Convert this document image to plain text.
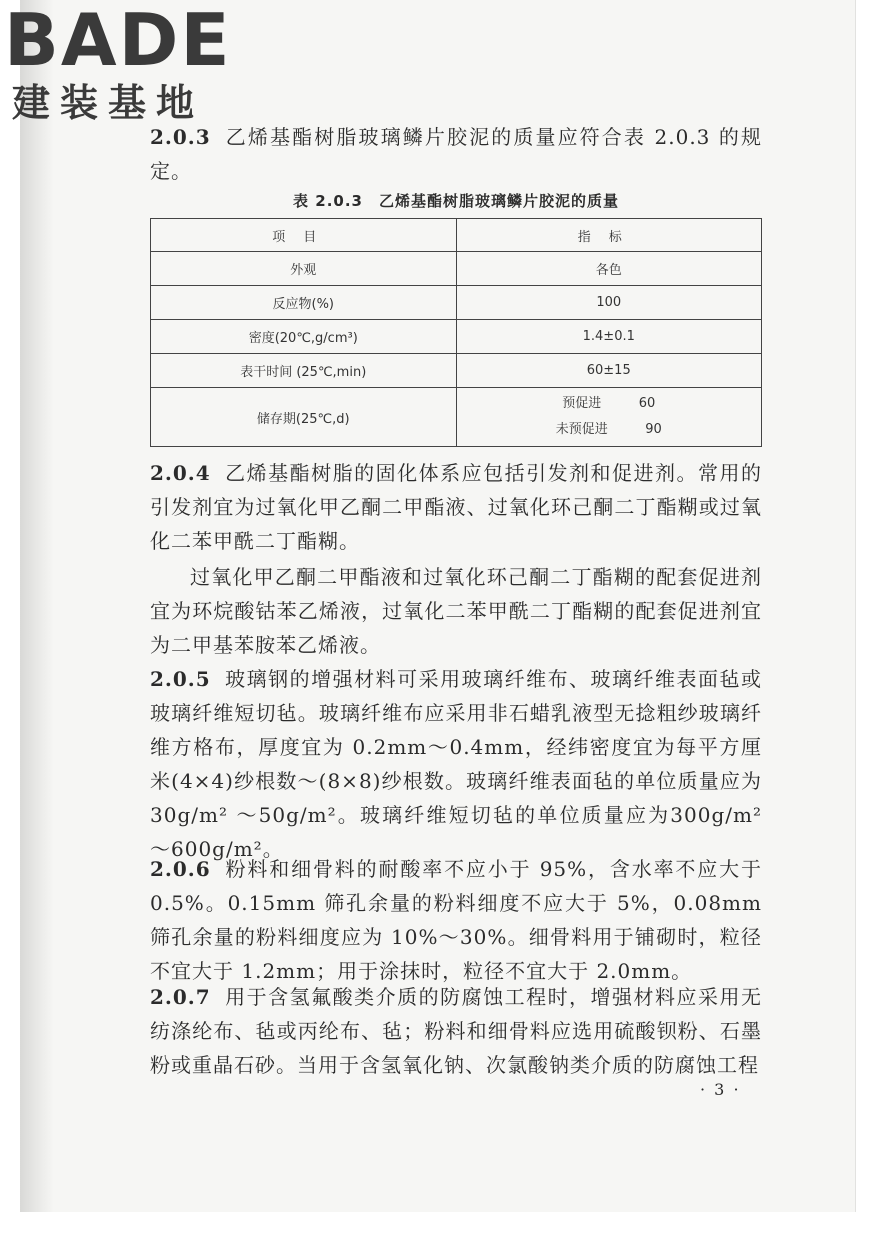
BADE
建装基地

2.0.3 乙烯基酯树脂玻璃鳞片胶泥的质量应符合表 2.0.3 的规定。

表 2.0.3　乙烯基酯树脂玻璃鳞片胶泥的质量
项目	指标
外观	各色
反应物(%)	100
密度(20℃,g/cm³)	1.4±0.1
表干时间 (25℃,min)	60±15
储存期(25℃,d)	预促进 60
未预促进 90

2.0.4 乙烯基酯树脂的固化体系应包括引发剂和促进剂。常用的引发剂宜为过氧化甲乙酮二甲酯液、过氧化环己酮二丁酯糊或过氧化二苯甲酰二丁酯糊。

过氧化甲乙酮二甲酯液和过氧化环己酮二丁酯糊的配套促进剂宜为环烷酸钴苯乙烯液，过氧化二苯甲酰二丁酯糊的配套促进剂宜为二甲基苯胺苯乙烯液。

2.0.5 玻璃钢的增强材料可采用玻璃纤维布、玻璃纤维表面毡或玻璃纤维短切毡。玻璃纤维布应采用非石蜡乳液型无捻粗纱玻璃纤维方格布，厚度宜为 0.2mm～0.4mm，经纬密度宜为每平方厘米(4×4)纱根数～(8×8)纱根数。玻璃纤维表面毡的单位质量应为 30g/m² ～50g/m²。玻璃纤维短切毡的单位质量应为300g/m² ～600g/m²。

2.0.6 粉料和细骨料的耐酸率不应小于 95%，含水率不应大于 0.5%。0.15mm 筛孔余量的粉料细度不应大于 5%，0.08mm 筛孔余量的粉料细度应为 10%～30%。细骨料用于铺砌时，粒径不宜大于 1.2mm；用于涂抹时，粒径不宜大于 2.0mm。

2.0.7 用于含氢氟酸类介质的防腐蚀工程时，增强材料应采用无纺涤纶布、毡或丙纶布、毡；粉料和细骨料应选用硫酸钡粉、石墨粉或重晶石砂。当用于含氢氧化钠、次氯酸钠类介质的防腐蚀工程

· 3 ·
